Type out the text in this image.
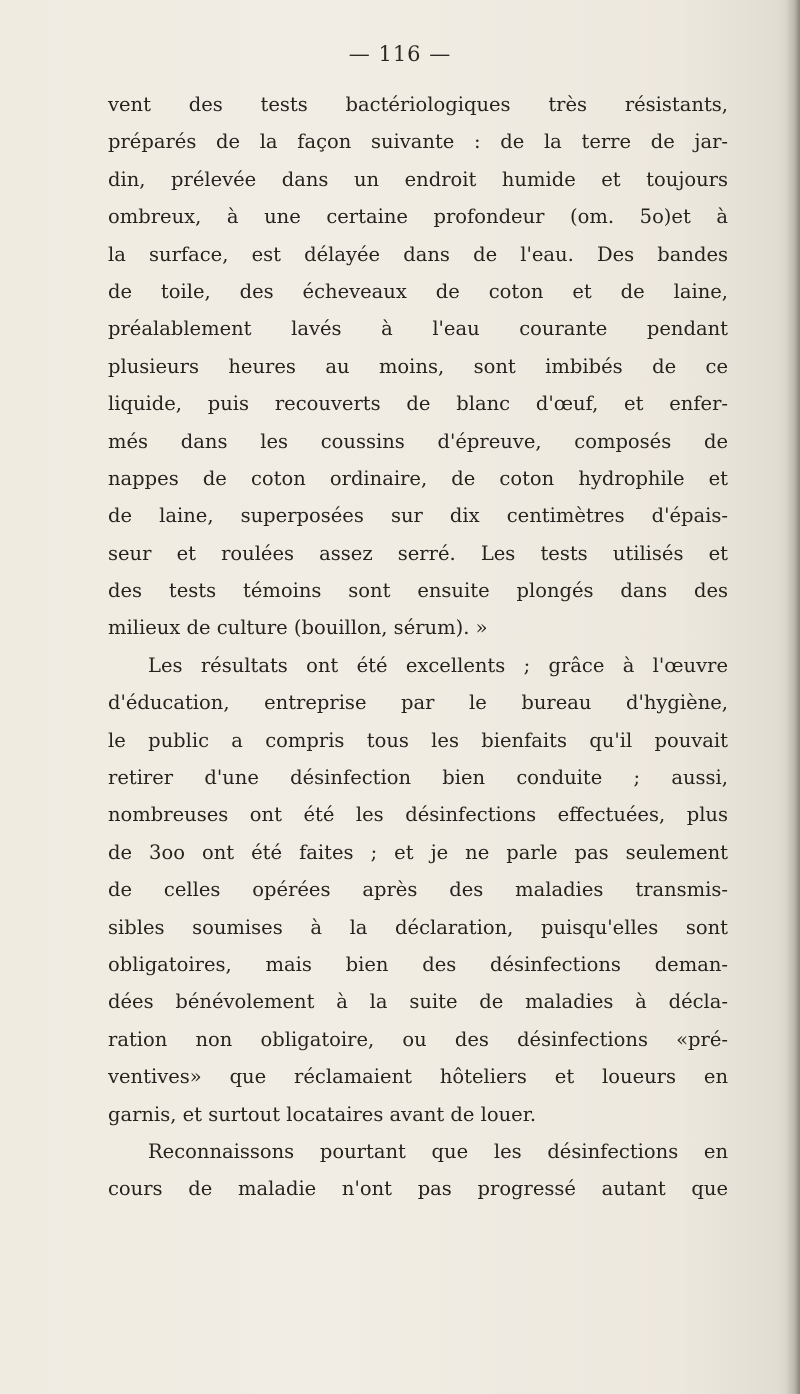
— 116 —
vent des tests bactériologiques très résistants,
préparés de la façon suivante : de la terre de jar-
din, prélevée dans un endroit humide et toujours
ombreux, à une certaine profondeur (om. 5o)et à
la surface, est délayée dans de l'eau. Des bandes
de toile, des écheveaux de coton et de laine,
préalablement lavés à l'eau courante pendant
plusieurs heures au moins, sont imbibés de ce
liquide, puis recouverts de blanc d'œuf, et enfer-
més dans les coussins d'épreuve, composés de
nappes de coton ordinaire, de coton hydrophile et
de laine, superposées sur dix centimètres d'épais-
seur et roulées assez serré. Les tests utilisés et
des tests témoins sont ensuite plongés dans des
milieux de culture (bouillon, sérum). »
Les résultats ont été excellents ; grâce à l'œuvre
d'éducation, entreprise par le bureau d'hygiène,
le public a compris tous les bienfaits qu'il pouvait
retirer d'une désinfection bien conduite ; aussi,
nombreuses ont été les désinfections effectuées, plus
de 3oo ont été faites ; et je ne parle pas seulement
de celles opérées après des maladies transmis-
sibles soumises à la déclaration, puisqu'elles sont
obligatoires, mais bien des désinfections deman-
dées bénévolement à la suite de maladies à décla-
ration non obligatoire, ou des désinfections «pré-
ventives» que réclamaient hôteliers et loueurs en
garnis, et surtout locataires avant de louer.
Reconnaissons pourtant que les désinfections en
cours de maladie n'ont pas progressé autant que
